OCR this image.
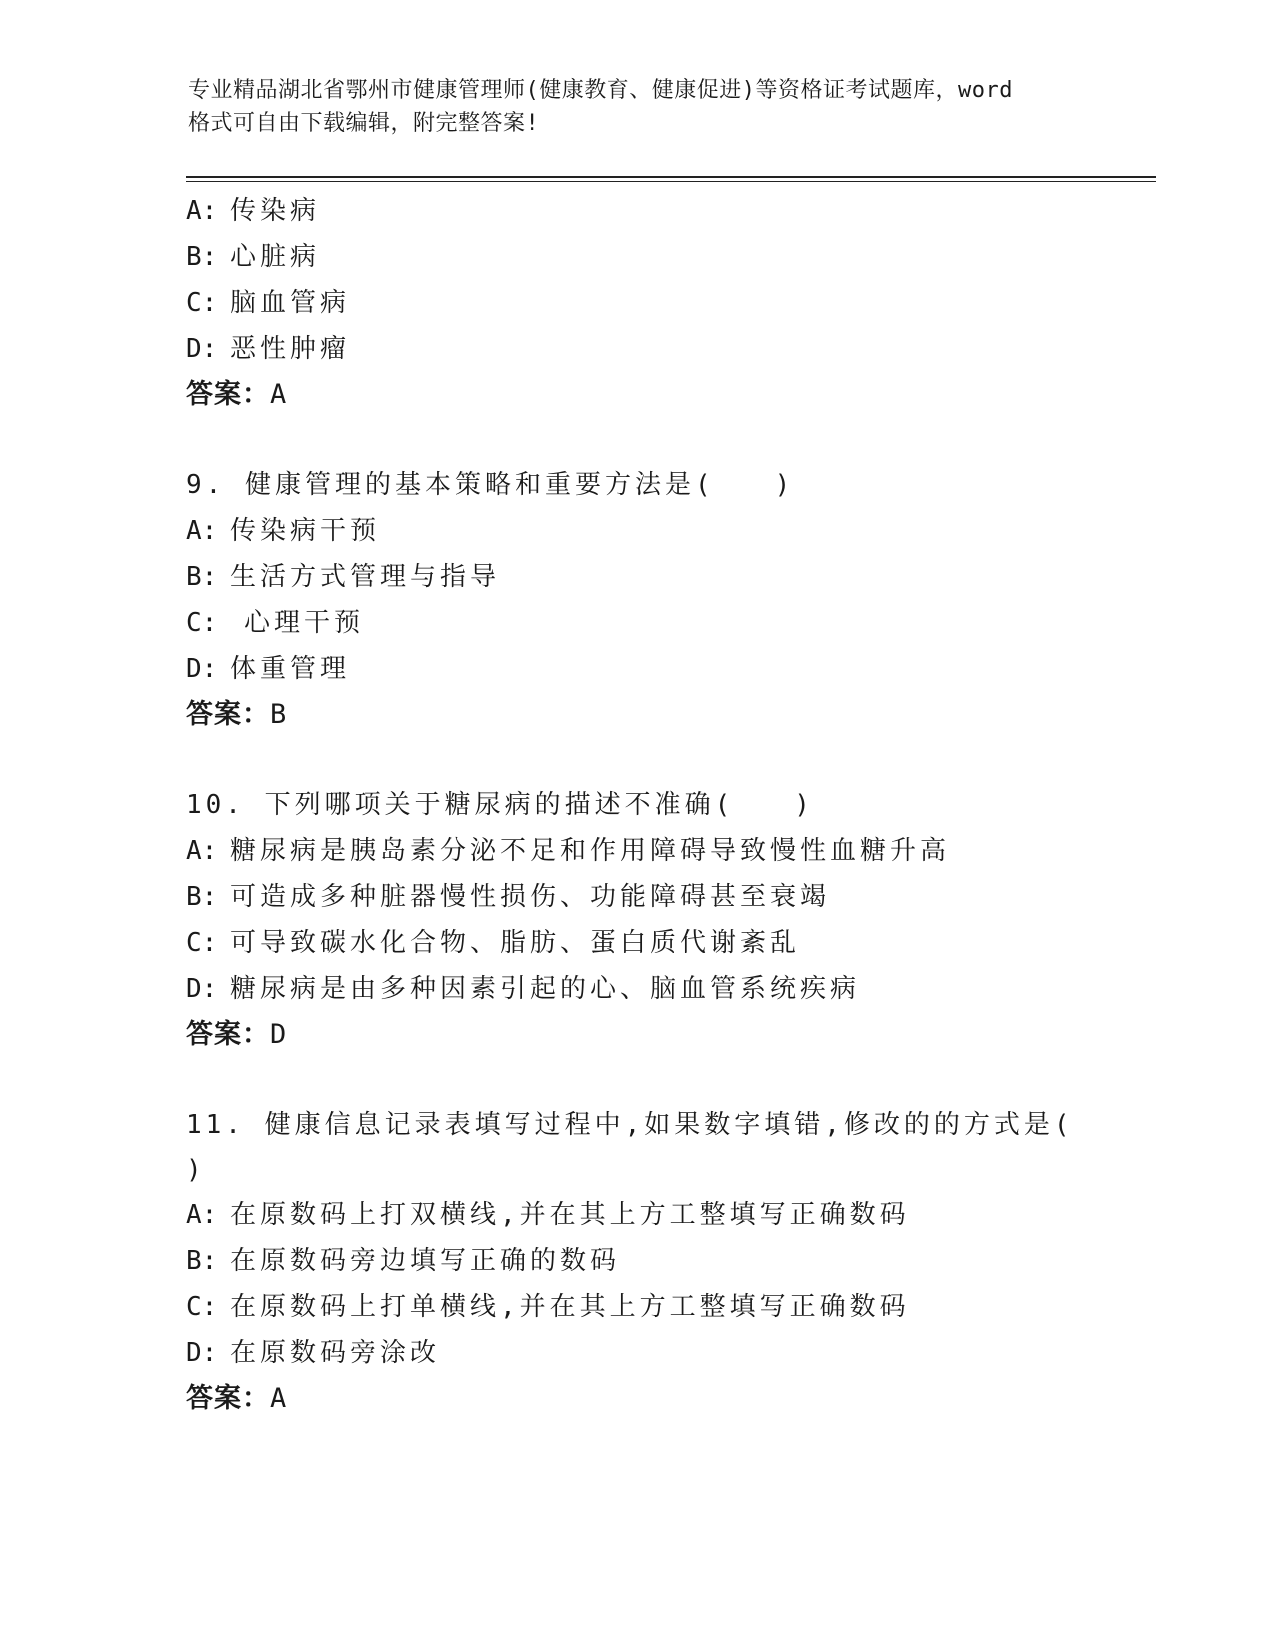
专业精品湖北省鄂州市健康管理师(健康教育、健康促进)等资格证考试题库，word
格式可自由下载编辑，附完整答案!
A: 传染病
B: 心脏病
C: 脑血管病
D: 恶性肿瘤
答案：A
9. 健康管理的基本策略和重要方法是(　　)
A: 传染病干预
B: 生活方式管理与指导
C: 心理干预
D: 体重管理
答案：B
10. 下列哪项关于糖尿病的描述不准确(　　)
A: 糖尿病是胰岛素分泌不足和作用障碍导致慢性血糖升高
B: 可造成多种脏器慢性损伤、功能障碍甚至衰竭
C: 可导致碳水化合物、脂肪、蛋白质代谢紊乱
D: 糖尿病是由多种因素引起的心、脑血管系统疾病
答案：D
11. 健康信息记录表填写过程中,如果数字填错,修改的的方式是(
)
A: 在原数码上打双横线,并在其上方工整填写正确数码
B: 在原数码旁边填写正确的数码
C: 在原数码上打单横线,并在其上方工整填写正确数码
D: 在原数码旁涂改
答案：A
